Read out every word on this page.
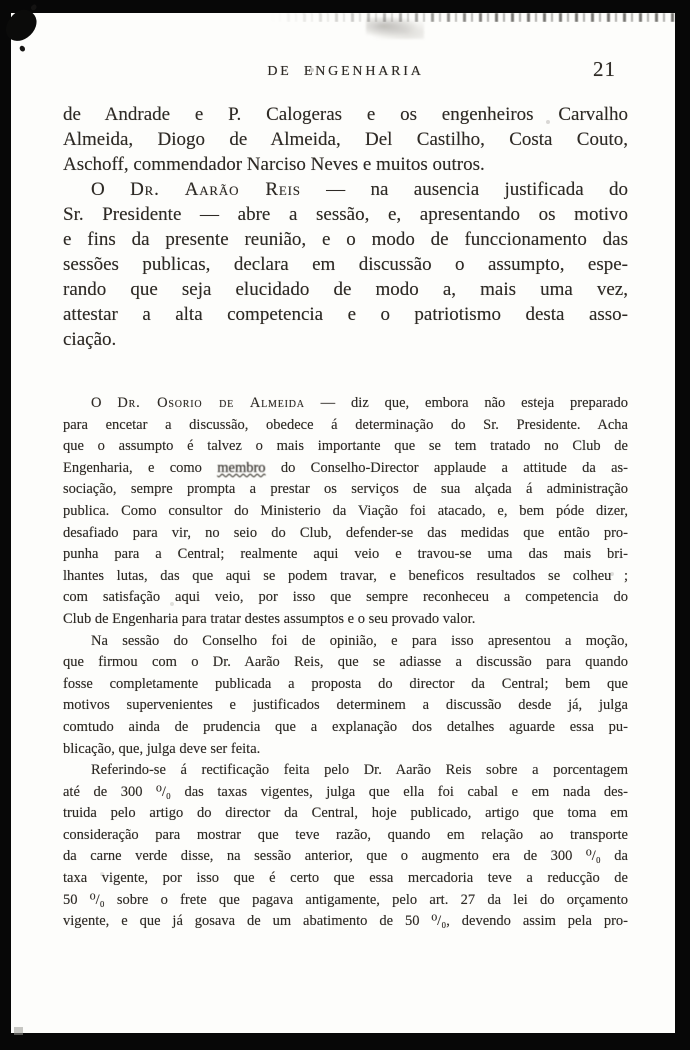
DE ENGENHARIA	21
de Andrade e P. Calogeras e os engenheiros Carvalho
Almeida, Diogo de Almeida, Del Castilho, Costa Couto,
Aschoff, commendador Narciso Neves e muitos outros.
O Dr. Aarão Reis — na ausencia justificada do
Sr. Presidente — abre a sessão, e, apresentando os motivo
e fins da presente reunião, e o modo de funccionamento das
sessões publicas, declara em discussão o assumpto, espe-
rando que seja elucidado de modo a, mais uma vez,
attestar a alta competencia e o patriotismo desta asso-
ciação.
O Dr. Osorio de Almeida — diz que, embora não esteja preparado
para encetar a discussão, obedece á determinação do Sr. Presidente. Acha
que o assumpto é talvez o mais importante que se tem tratado no Club de
Engenharia, e como membro do Conselho-Director applaude a attitude da as-
sociação, sempre prompta a prestar os serviços de sua alçada á administração
publica. Como consultor do Ministerio da Viação foi atacado, e, bem póde dizer,
desafiado para vir, no seio do Club, defender-se das medidas que então pro-
punha para a Central; realmente aqui veio e travou-se uma das mais bri-
lhantes lutas, das que aqui se podem travar, e beneficos resultados se colheu ;
com satisfação aqui veio, por isso que sempre reconheceu a competencia do
Club de Engenharia para tratar destes assumptos e o seu provado valor.
Na sessão do Conselho foi de opinião, e para isso apresentou a moção,
que firmou com o Dr. Aarão Reis, que se adiasse a discussão para quando
fosse completamente publicada a proposta do director da Central; bem que
motivos supervenientes e justificados determinem a discussão desde já, julga
comtudo ainda de prudencia que a explanação dos detalhes aguarde essa pu-
blicação, que, julga deve ser feita.
Referindo-se á rectificação feita pelo Dr. Aarão Reis sobre a porcentagem
até de 300 ⁰/₀ das taxas vigentes, julga que ella foi cabal e em nada des-
truida pelo artigo do director da Central, hoje publicado, artigo que toma em
consideração para mostrar que teve razão, quando em relação ao transporte
da carne verde disse, na sessão anterior, que o augmento era de 300 ⁰/₀ da
taxa vigente, por isso que é certo que essa mercadoria teve a reducção de
50 ⁰/₀ sobre o frete que pagava antigamente, pelo art. 27 da lei do orçamento
vigente, e que já gosava de um abatimento de 50 ⁰/₀, devendo assim pela pro-
